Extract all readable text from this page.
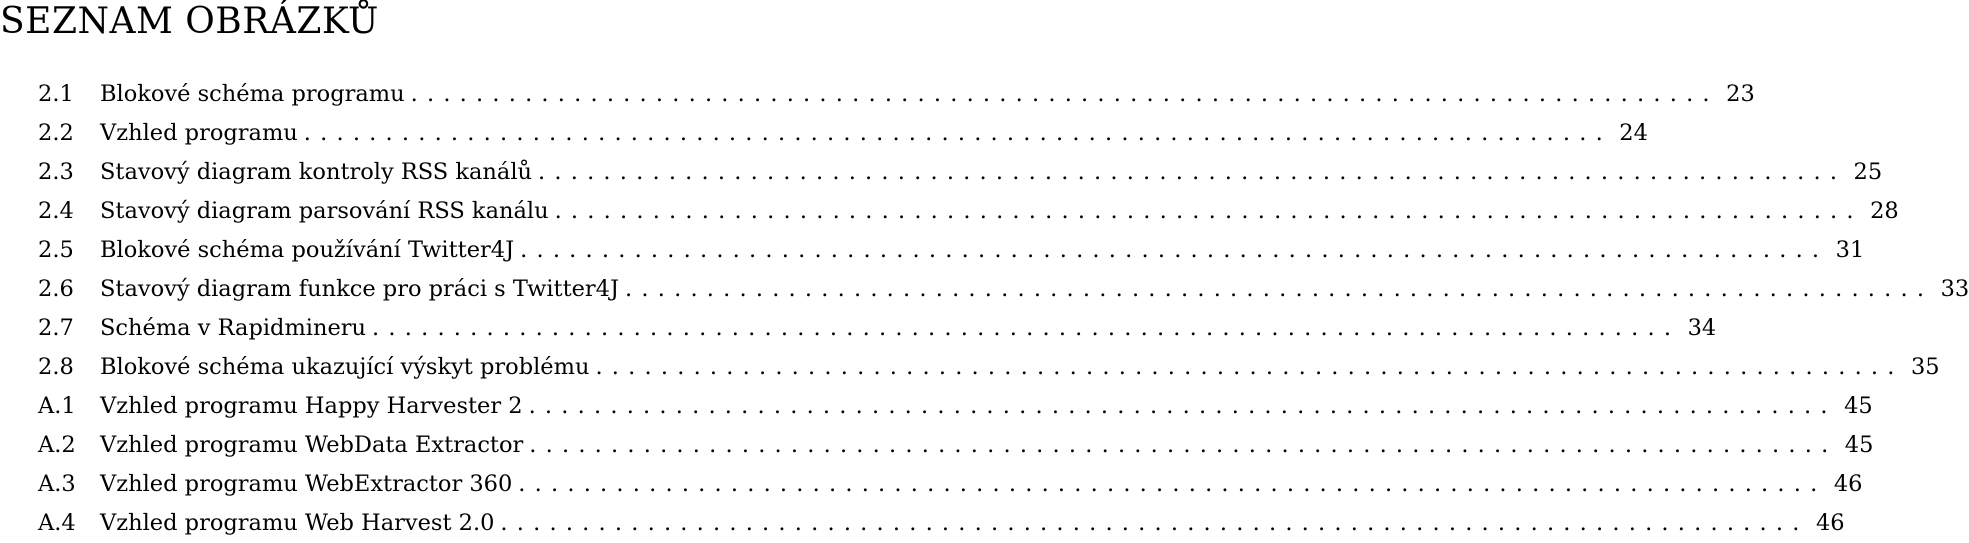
SEZNAM OBRÁZKŮ
2.1	Blokové schéma programu ................................................................................ 23
2.2	Vzhled programu ................................................................................ 24
2.3	Stavový diagram kontroly RSS kanálů ................................................................................ 25
2.4	Stavový diagram parsování RSS kanálu ................................................................................ 28
2.5	Blokové schéma používání Twitter4J ................................................................................ 31
2.6	Stavový diagram funkce pro práci s Twitter4J ................................................................................ 33
2.7	Schéma v Rapidmineru ................................................................................ 34
2.8	Blokové schéma ukazující výskyt problému ................................................................................ 35
A.1	Vzhled programu Happy Harvester 2 ................................................................................ 45
A.2	Vzhled programu WebData Extractor ................................................................................ 45
A.3	Vzhled programu WebExtractor 360 ................................................................................ 46
A.4	Vzhled programu Web Harvest 2.0 ................................................................................ 46
